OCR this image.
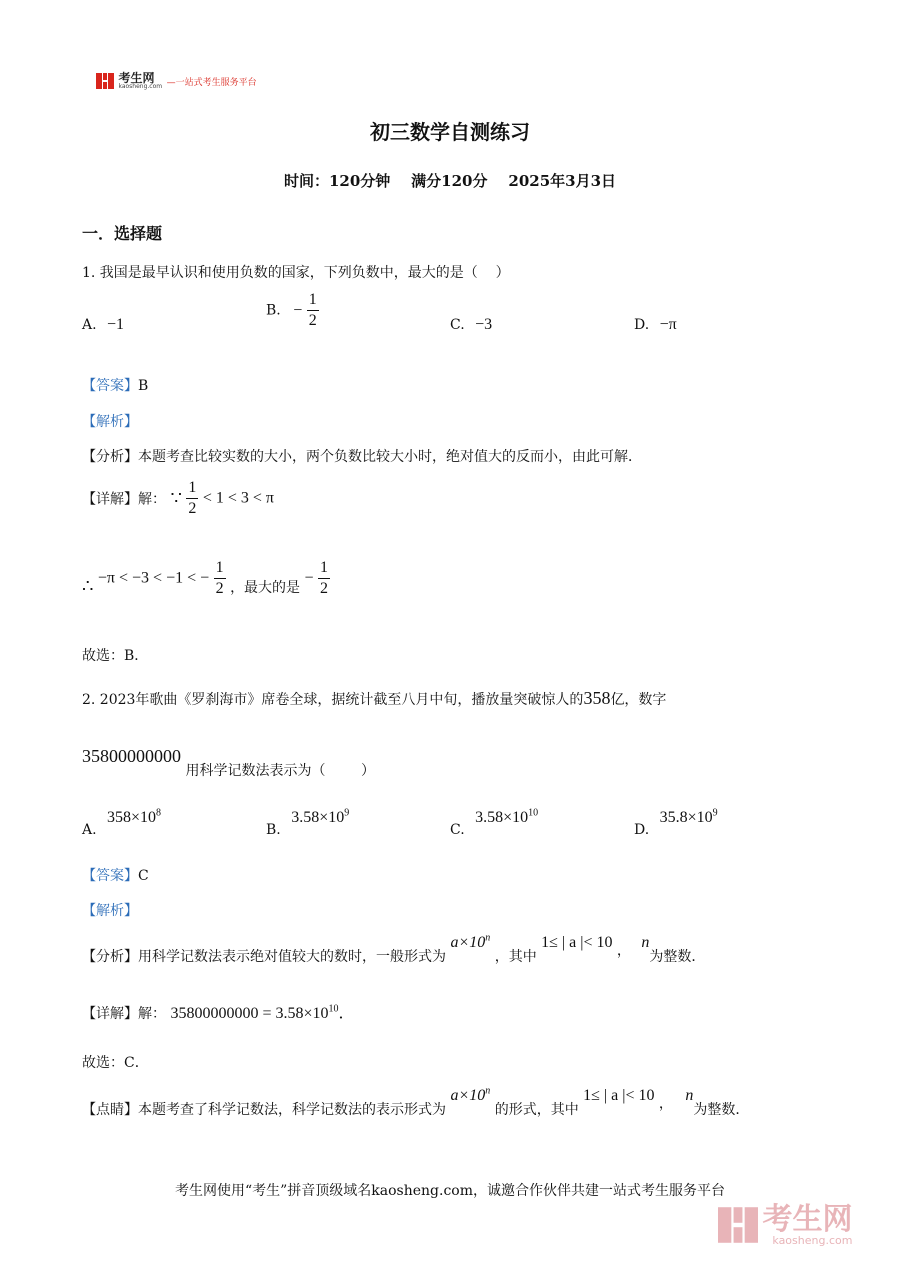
考生网
kaosheng.com —一站式考生服务平台
初三数学自测练习
时间：120分钟    满分120分    2025年3月3日
一．选择题
1. 我国是最早认识和使用负数的国家，下列负数中，最大的是（    ）
A. −1
B. − $\frac{1}{2}$	C. −3	D. −π
【答案】B
【解析】
【分析】本题考查比较实数的大小，两个负数比较大小时，绝对值大的反而小，由此可解．
【详解】解： ∵ $\frac{1}{2} < 1 < 3 < \pi$
∴ −π < −3 < −1 < − $\frac{1}{2}$ ，最大的是 − $\frac{1}{2}$
故选：B．
2. 2023年歌曲《罗刹海市》席卷全球，据统计截至八月中旬，播放量突破惊人的358亿，数字
35800000000 用科学记数法表示为（        ）
A. $358\times 10^8$
B. $3.58\times 10^9$
C. $3.58\times 10^{10}$
D. $35.8\times 10^9$
【答案】C
【解析】
【分析】用科学记数法表示绝对值较大的数时，一般形式为 $a\times 10^n$ ，其中 1≤ | a |< 10 ， n为整数．
【详解】解： $35800000000 = 3.58\times 10^{10}$．
故选：C．
【点睛】本题考查了科学记数法，科学记数法的表示形式为 $a\times 10^n$ 的形式，其中 1≤ | a |< 10 ， n为整数．
考生网使用“考生”拼音顶级域名kaosheng.com，诚邀合作伙伴共建一站式考生服务平台

考生网
kaosheng.com
